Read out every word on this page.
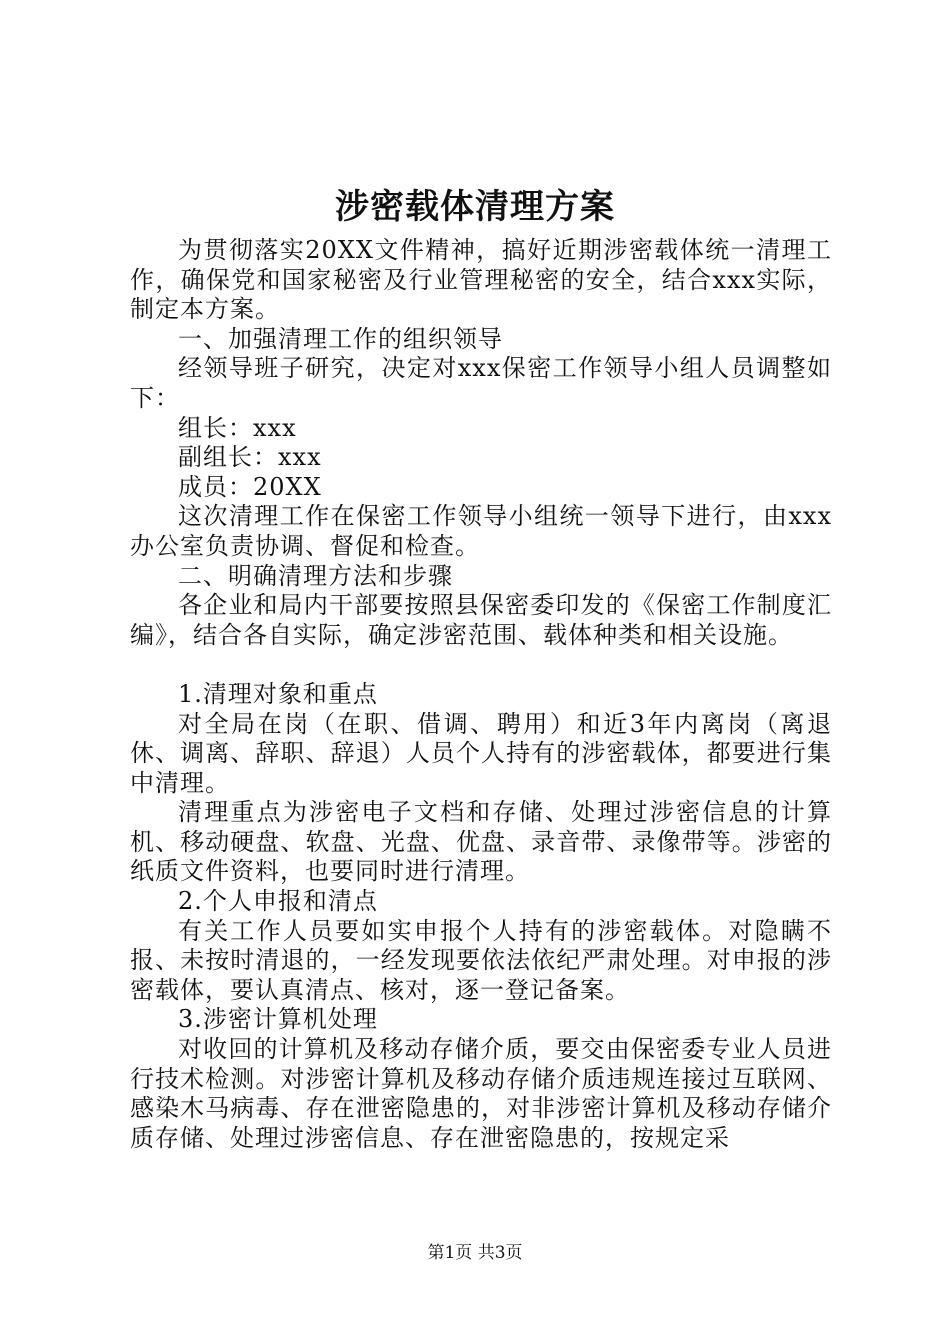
涉密载体清理方案

为贯彻落实20XX文件精神，搞好近期涉密载体统一清理工作，确保党和国家秘密及行业管理秘密的安全，结合xxx实际，制定本方案。

一、加强清理工作的组织领导

经领导班子研究，决定对xxx保密工作领导小组人员调整如下：

组长：xxx

副组长：xxx

成员：20XX

这次清理工作在保密工作领导小组统一领导下进行，由xxx办公室负责协调、督促和检查。

二、明确清理方法和步骤

各企业和局内干部要按照县保密委印发的《保密工作制度汇编》，结合各自实际，确定涉密范围、载体种类和相关设施。

1.清理对象和重点

对全局在岗（在职、借调、聘用）和近3年内离岗（离退休、调离、辞职、辞退）人员个人持有的涉密载体，都要进行集中清理。

清理重点为涉密电子文档和存储、处理过涉密信息的计算机、移动硬盘、软盘、光盘、优盘、录音带、录像带等。涉密的纸质文件资料，也要同时进行清理。

2.个人申报和清点

有关工作人员要如实申报个人持有的涉密载体。对隐瞒不报、未按时清退的，一经发现要依法依纪严肃处理。对申报的涉密载体，要认真清点、核对，逐一登记备案。

3.涉密计算机处理

对收回的计算机及移动存储介质，要交由保密委专业人员进行技术检测。对涉密计算机及移动存储介质违规连接过互联网、感染木马病毒、存在泄密隐患的，对非涉密计算机及移动存储介质存储、处理过涉密信息、存在泄密隐患的，按规定采

第1页 共3页
